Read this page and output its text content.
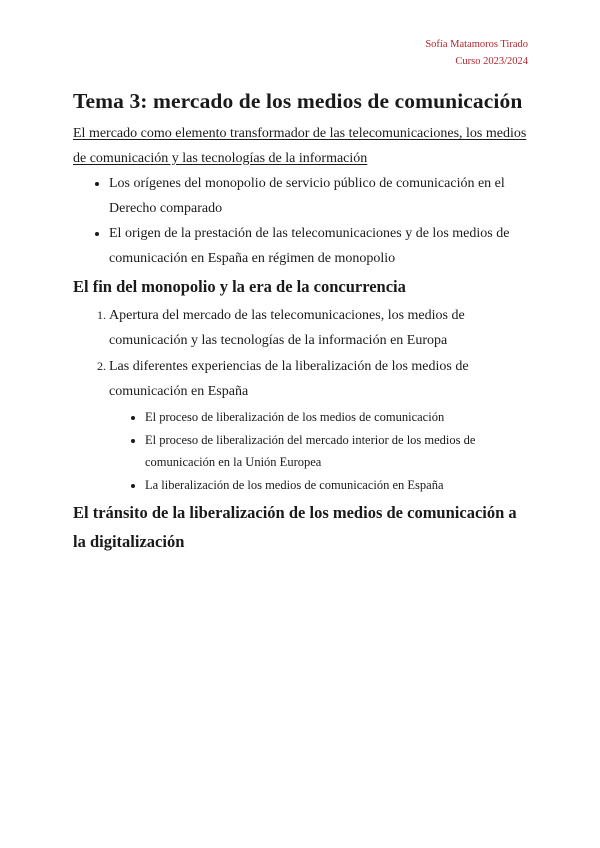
Sofía Matamoros Tirado
Curso 2023/2024
Tema 3: mercado de los medios de comunicación

El mercado como elemento transformador de las telecomunicaciones, los medios de comunicación y las tecnologías de la información

• Los orígenes del monopolio de servicio público de comunicación en el Derecho comparado
• El origen de la prestación de las telecomunicaciones y de los medios de comunicación en España en régimen de monopolio
El fin del monopolio y la era de la concurrencia
1. Apertura del mercado de las telecomunicaciones, los medios de comunicación y las tecnologías de la información en Europa
2. Las diferentes experiencias de la liberalización de los medios de comunicación en España
• El proceso de liberalización de los medios de comunicación
• El proceso de liberalización del mercado interior de los medios de comunicación en la Unión Europea
• La liberalización de los medios de comunicación en España
El tránsito de la liberalización de los medios de comunicación a la digitalización
